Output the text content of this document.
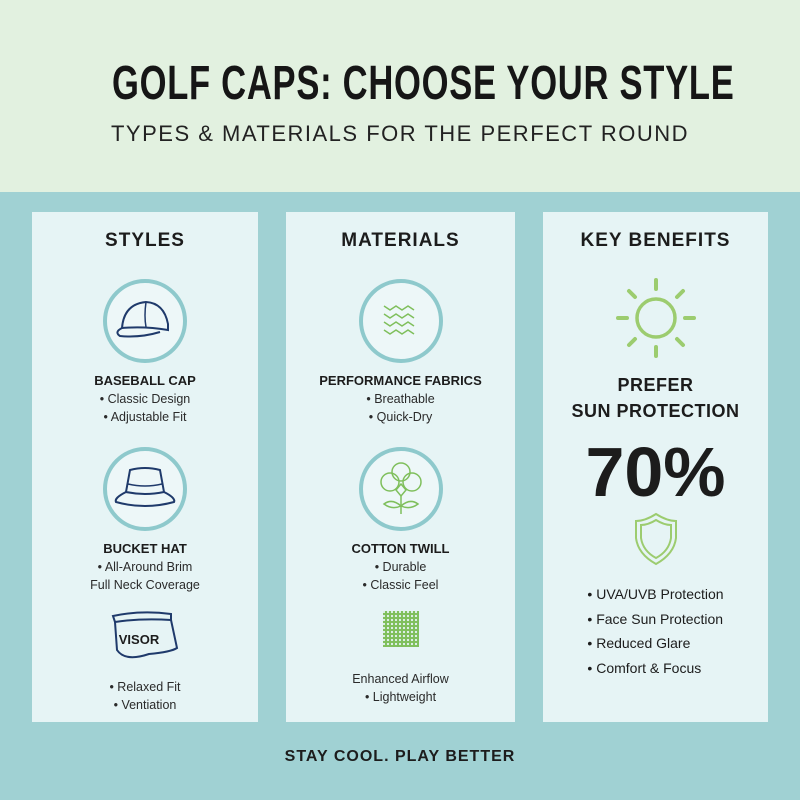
GOLF CAPS: CHOOSE YOUR STYLE
TYPES & MATERIALS FOR THE PERFECT ROUND
STYLES
BASEBALL CAP
• Classic Design
• Adjustable Fit
BUCKET HAT
• All-Around Brim
Full Neck Coverage
VISOR
• Relaxed Fit
• Ventiation
MATERIALS
PERFORMANCE FABRICS
• Breathable
• Quick-Dry
COTTON TWILL
• Durable
• Classic Feel
Enhanced Airflow
• Lightweight
KEY BENEFITS
PREFER
SUN PROTECTION
70%
• UVA/UVB Protection
• Face Sun Protection
• Reduced Glare
• Comfort & Focus
STAY COOL. PLAY BETTER
